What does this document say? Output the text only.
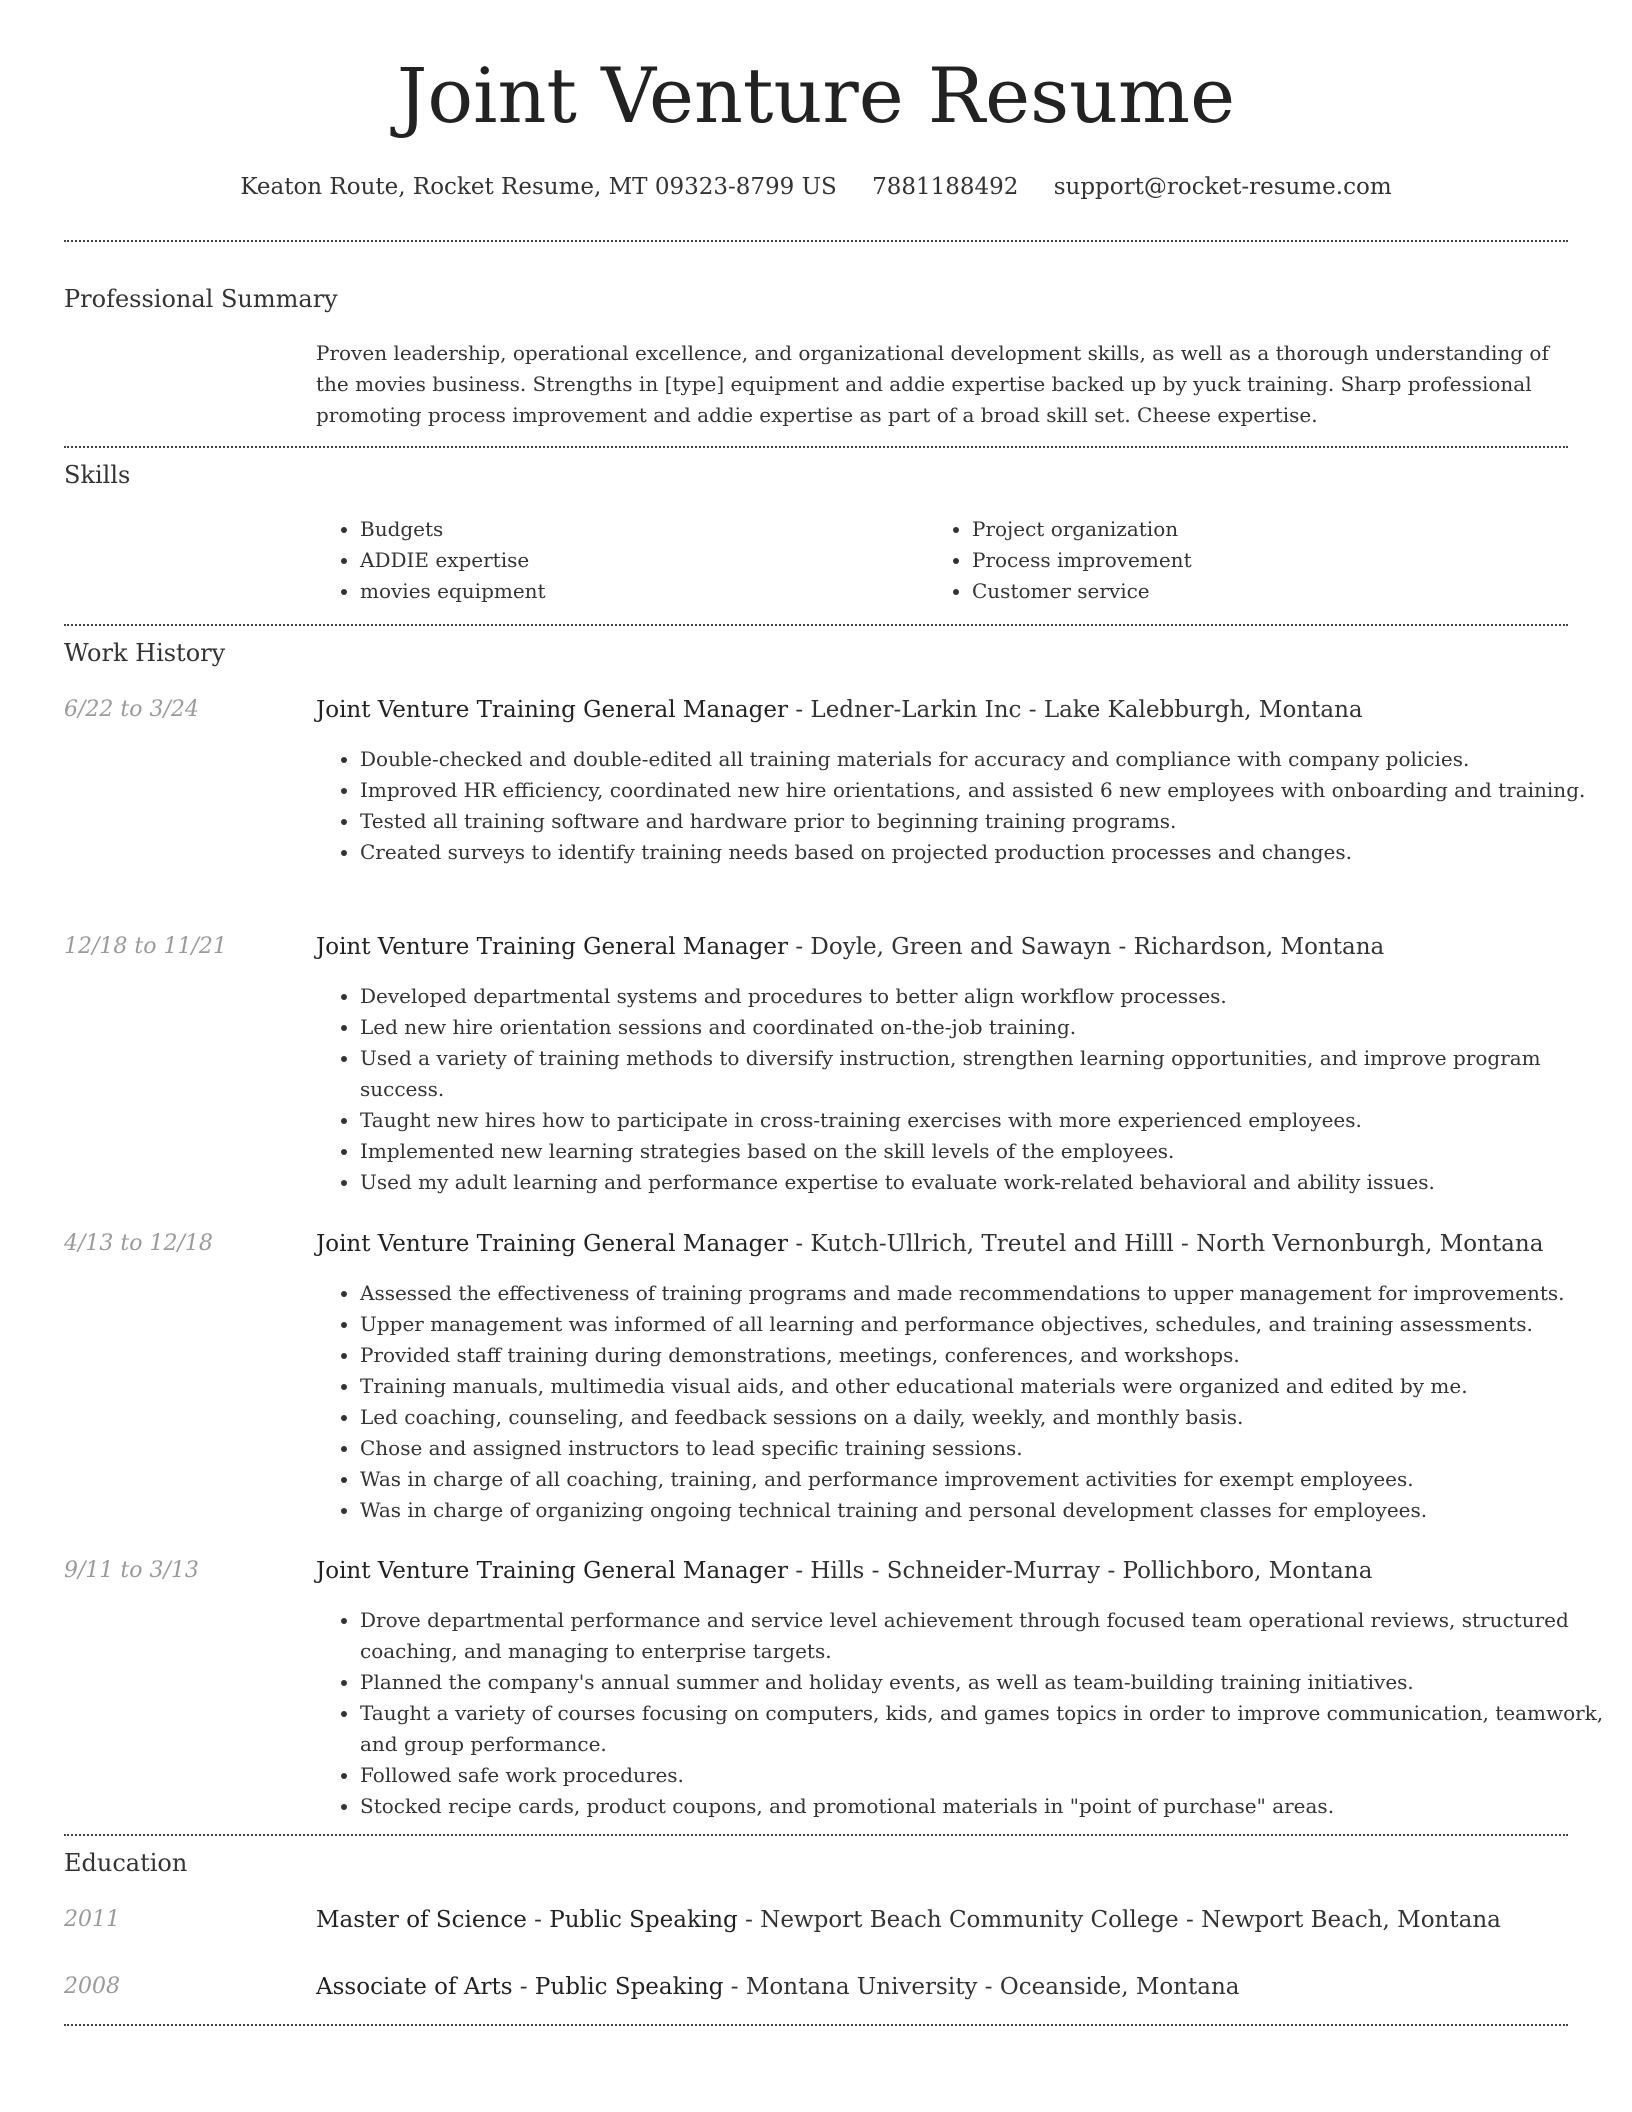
Joint Venture Resume
Keaton Route, Rocket Resume, MT 09323-8799 US 7881188492 support@rocket-resume.com
Professional Summary
Proven leadership, operational excellence, and organizational development skills, as well as a thorough understanding of the movies business. Strengths in [type] equipment and addie expertise backed up by yuck training. Sharp professional promoting process improvement and addie expertise as part of a broad skill set. Cheese expertise.
Skills
• Budgets
• ADDIE expertise
• movies equipment
• Project organization
• Process improvement
• Customer service
Work History
6/22 to 3/24	Joint Venture Training General Manager - Ledner-Larkin Inc - Lake Kalebburgh, Montana
• Double-checked and double-edited all training materials for accuracy and compliance with company policies.
• Improved HR efficiency, coordinated new hire orientations, and assisted 6 new employees with onboarding and training.
• Tested all training software and hardware prior to beginning training programs.
• Created surveys to identify training needs based on projected production processes and changes.
12/18 to 11/21	Joint Venture Training General Manager - Doyle, Green and Sawayn - Richardson, Montana
• Developed departmental systems and procedures to better align workflow processes.
• Led new hire orientation sessions and coordinated on-the-job training.
• Used a variety of training methods to diversify instruction, strengthen learning opportunities, and improve program success.
• Taught new hires how to participate in cross-training exercises with more experienced employees.
• Implemented new learning strategies based on the skill levels of the employees.
• Used my adult learning and performance expertise to evaluate work-related behavioral and ability issues.
4/13 to 12/18	Joint Venture Training General Manager - Kutch-Ullrich, Treutel and Hilll - North Vernonburgh, Montana
• Assessed the effectiveness of training programs and made recommendations to upper management for improvements.
• Upper management was informed of all learning and performance objectives, schedules, and training assessments.
• Provided staff training during demonstrations, meetings, conferences, and workshops.
• Training manuals, multimedia visual aids, and other educational materials were organized and edited by me.
• Led coaching, counseling, and feedback sessions on a daily, weekly, and monthly basis.
• Chose and assigned instructors to lead specific training sessions.
• Was in charge of all coaching, training, and performance improvement activities for exempt employees.
• Was in charge of organizing ongoing technical training and personal development classes for employees.
9/11 to 3/13	Joint Venture Training General Manager - Hills - Schneider-Murray - Pollichboro, Montana
• Drove departmental performance and service level achievement through focused team operational reviews, structured coaching, and managing to enterprise targets.
• Planned the company's annual summer and holiday events, as well as team-building training initiatives.
• Taught a variety of courses focusing on computers, kids, and games topics in order to improve communication, teamwork, and group performance.
• Followed safe work procedures.
• Stocked recipe cards, product coupons, and promotional materials in "point of purchase" areas.
Education
2011	Master of Science - Public Speaking - Newport Beach Community College - Newport Beach, Montana
2008	Associate of Arts - Public Speaking - Montana University - Oceanside, Montana
